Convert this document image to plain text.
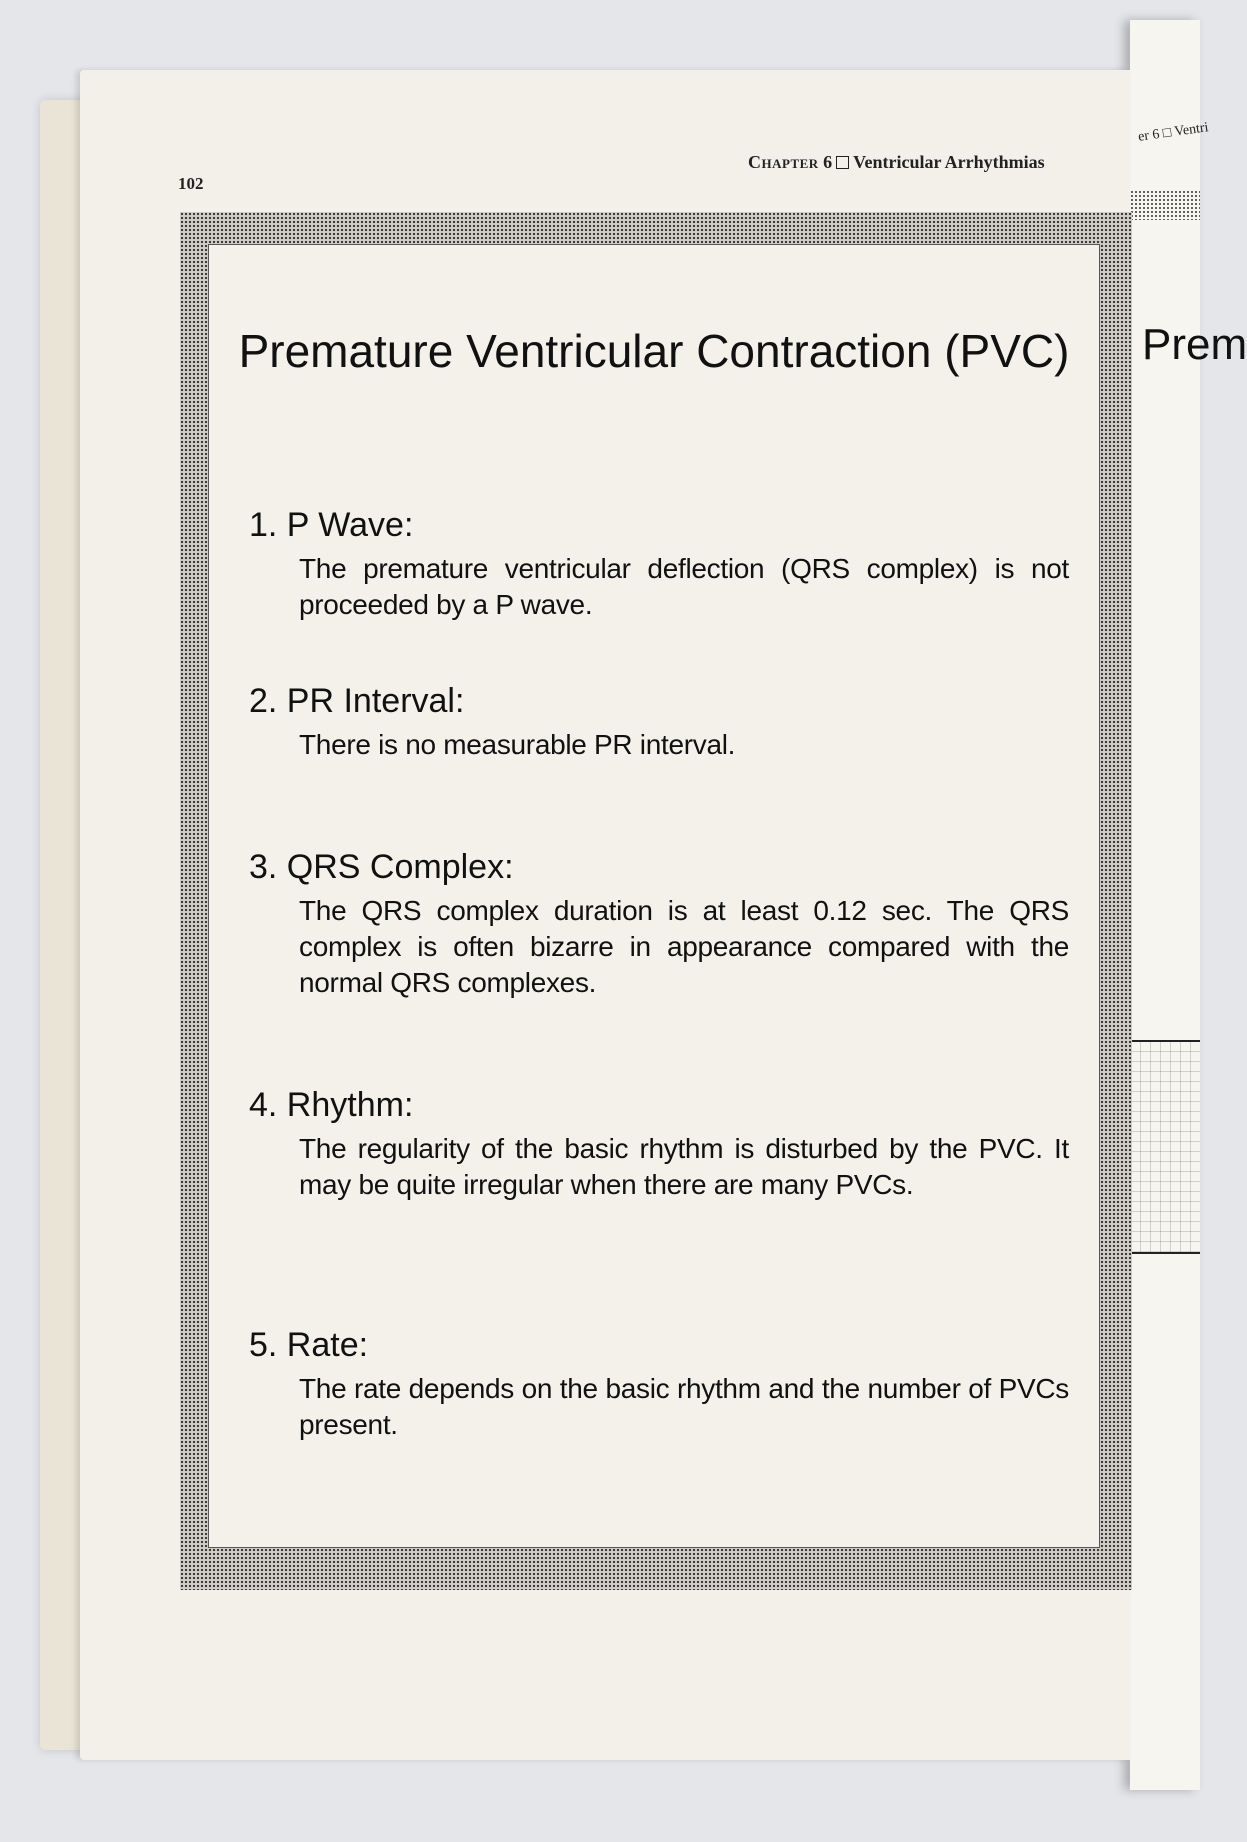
er 6 □ Ventri
Prem
Chapter 6 Ventricular Arrhythmias
102
Premature Ventricular Contraction (PVC)
1. P Wave:
The premature ventricular deflection (QRS complex) is not proceeded by a P wave.
2. PR Interval:
There is no measurable PR interval.
3. QRS Complex:
The QRS complex duration is at least 0.12 sec. The QRS complex is often bizarre in appearance compared with the normal QRS complexes.
4. Rhythm:
The regularity of the basic rhythm is disturbed by the PVC. It may be quite irregular when there are many PVCs.
5. Rate:
The rate depends on the basic rhythm and the number of PVCs present.
